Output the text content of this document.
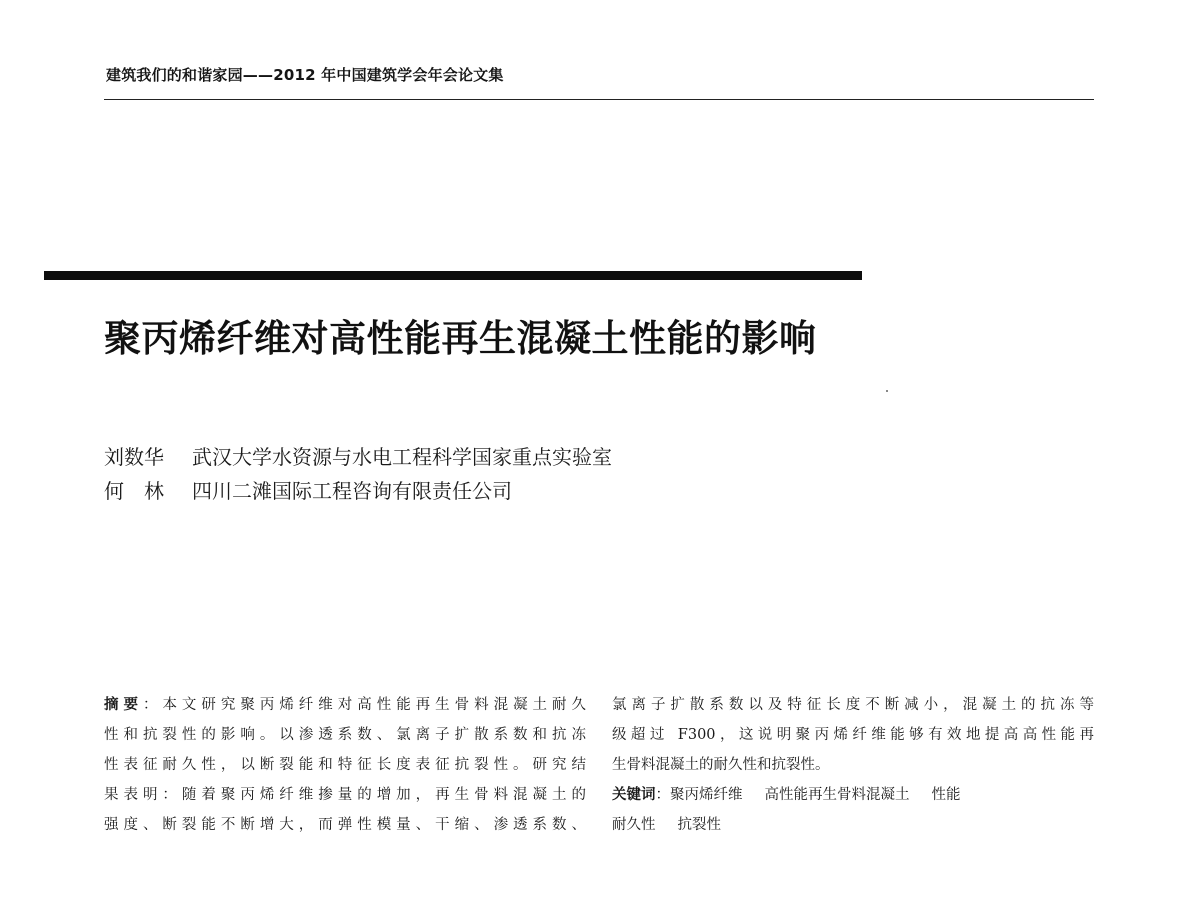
建筑我们的和谐家园——2012 年中国建筑学会年会论文集
聚丙烯纤维对高性能再生混凝土性能的影响
刘数华	武汉大学水资源与水电工程科学国家重点实验室
何　林	四川二滩国际工程咨询有限责任公司
摘要：本文研究聚丙烯纤维对高性能再生骨料混凝土耐久
性和抗裂性的影响。以渗透系数、氯离子扩散系数和抗冻
性表征耐久性，以断裂能和特征长度表征抗裂性。研究结
果表明：随着聚丙烯纤维掺量的增加，再生骨料混凝土的
强度、断裂能不断增大，而弹性模量、干缩、渗透系数、
氯离子扩散系数以及特征长度不断减小，混凝土的抗冻等
级超过 F300，这说明聚丙烯纤维能够有效地提高高性能再
生骨料混凝土的耐久性和抗裂性。
关键词：聚丙烯纤维 高性能再生骨料混凝土 性能
耐久性 抗裂性
